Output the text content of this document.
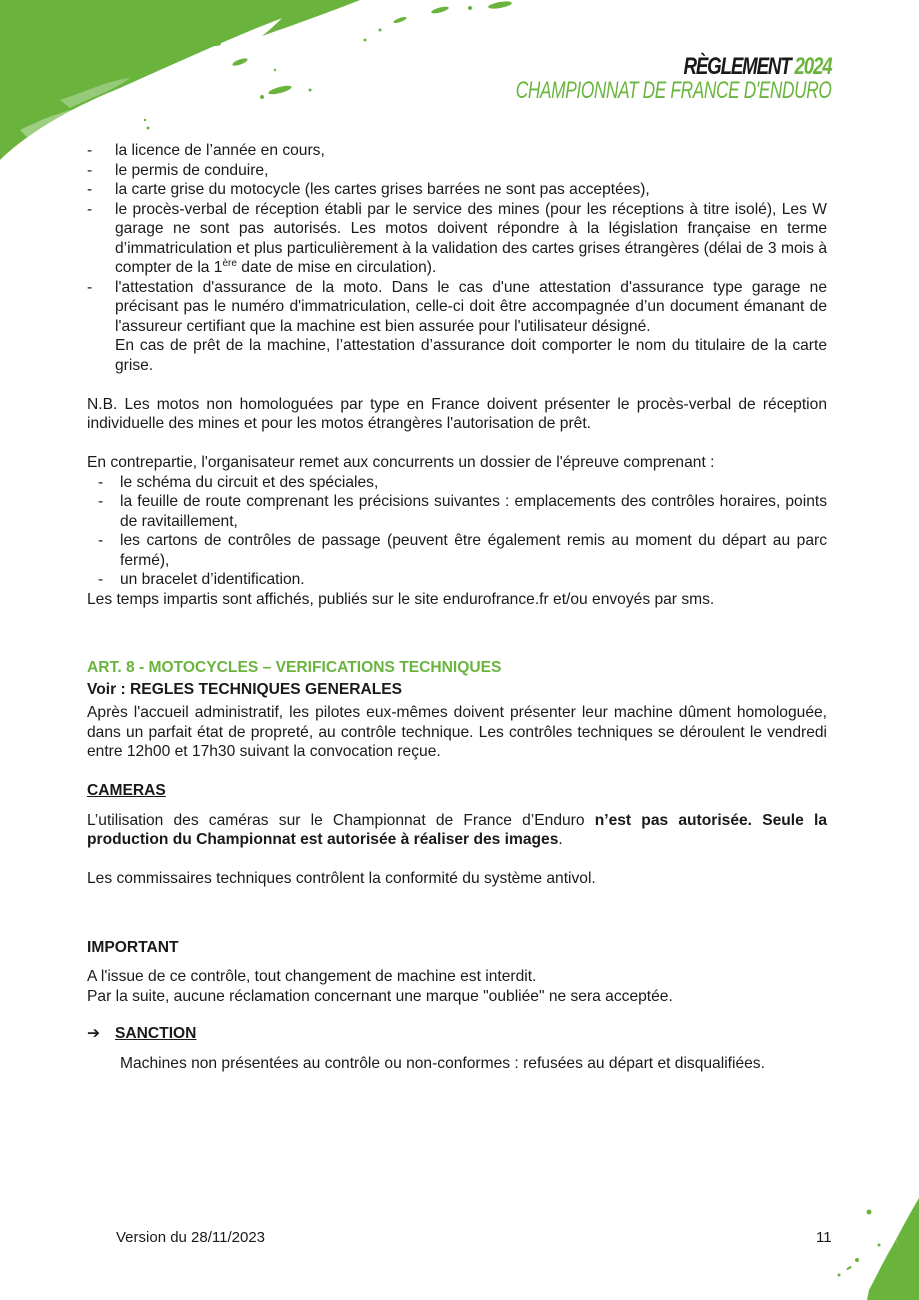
RÈGLEMENT 2024
CHAMPIONNAT DE FRANCE D'ENDURO
- la licence de l’année en cours,
- le permis de conduire,
- la carte grise du motocycle (les cartes grises barrées ne sont pas acceptées),
- le procès-verbal de réception établi par le service des mines (pour les réceptions à titre isolé), Les W garage ne sont pas autorisés. Les motos doivent répondre à la législation française en terme d’immatriculation et plus particulièrement à la validation des cartes grises étrangères (délai de 3 mois à compter de la 1ère date de mise en circulation).
- l'attestation d'assurance de la moto. Dans le cas d'une attestation d'assurance type garage ne précisant pas le numéro d'immatriculation, celle-ci doit être accompagnée d’un document émanant de l'assureur certifiant que la machine est bien assurée pour l'utilisateur désigné.
En cas de prêt de la machine, l’attestation d’assurance doit comporter le nom du titulaire de la carte grise.

N.B. Les motos non homologuées par type en France doivent présenter le procès-verbal de réception individuelle des mines et pour les motos étrangères l'autorisation de prêt.

En contrepartie, l'organisateur remet aux concurrents un dossier de l'épreuve comprenant :

- le schéma du circuit et des spéciales,
- la feuille de route comprenant les précisions suivantes : emplacements des contrôles horaires, points de ravitaillement,
- les cartons de contrôles de passage (peuvent être également remis au moment du départ au parc fermé),
- un bracelet d’identification.

Les temps impartis sont affichés, publiés sur le site endurofrance.fr et/ou envoyés par sms.

ART. 8 - MOTOCYCLES – VERIFICATIONS TECHNIQUES

Voir : REGLES TECHNIQUES GENERALES

Après l'accueil administratif, les pilotes eux-mêmes doivent présenter leur machine dûment homologuée, dans un parfait état de propreté, au contrôle technique. Les contrôles techniques se déroulent le vendredi entre 12h00 et 17h30 suivant la convocation reçue.

CAMERAS

L’utilisation des caméras sur le Championnat de France d’Enduro n’est pas autorisée. Seule la production du Championnat est autorisée à réaliser des images.

Les commissaires techniques contrôlent la conformité du système antivol.

IMPORTANT

A l'issue de ce contrôle, tout changement de machine est interdit.

Par la suite, aucune réclamation concernant une marque "oubliée" ne sera acceptée.

➔ SANCTION

Machines non présentées au contrôle ou non-conformes : refusées au départ et disqualifiées.

Version du 28/11/2023	11
